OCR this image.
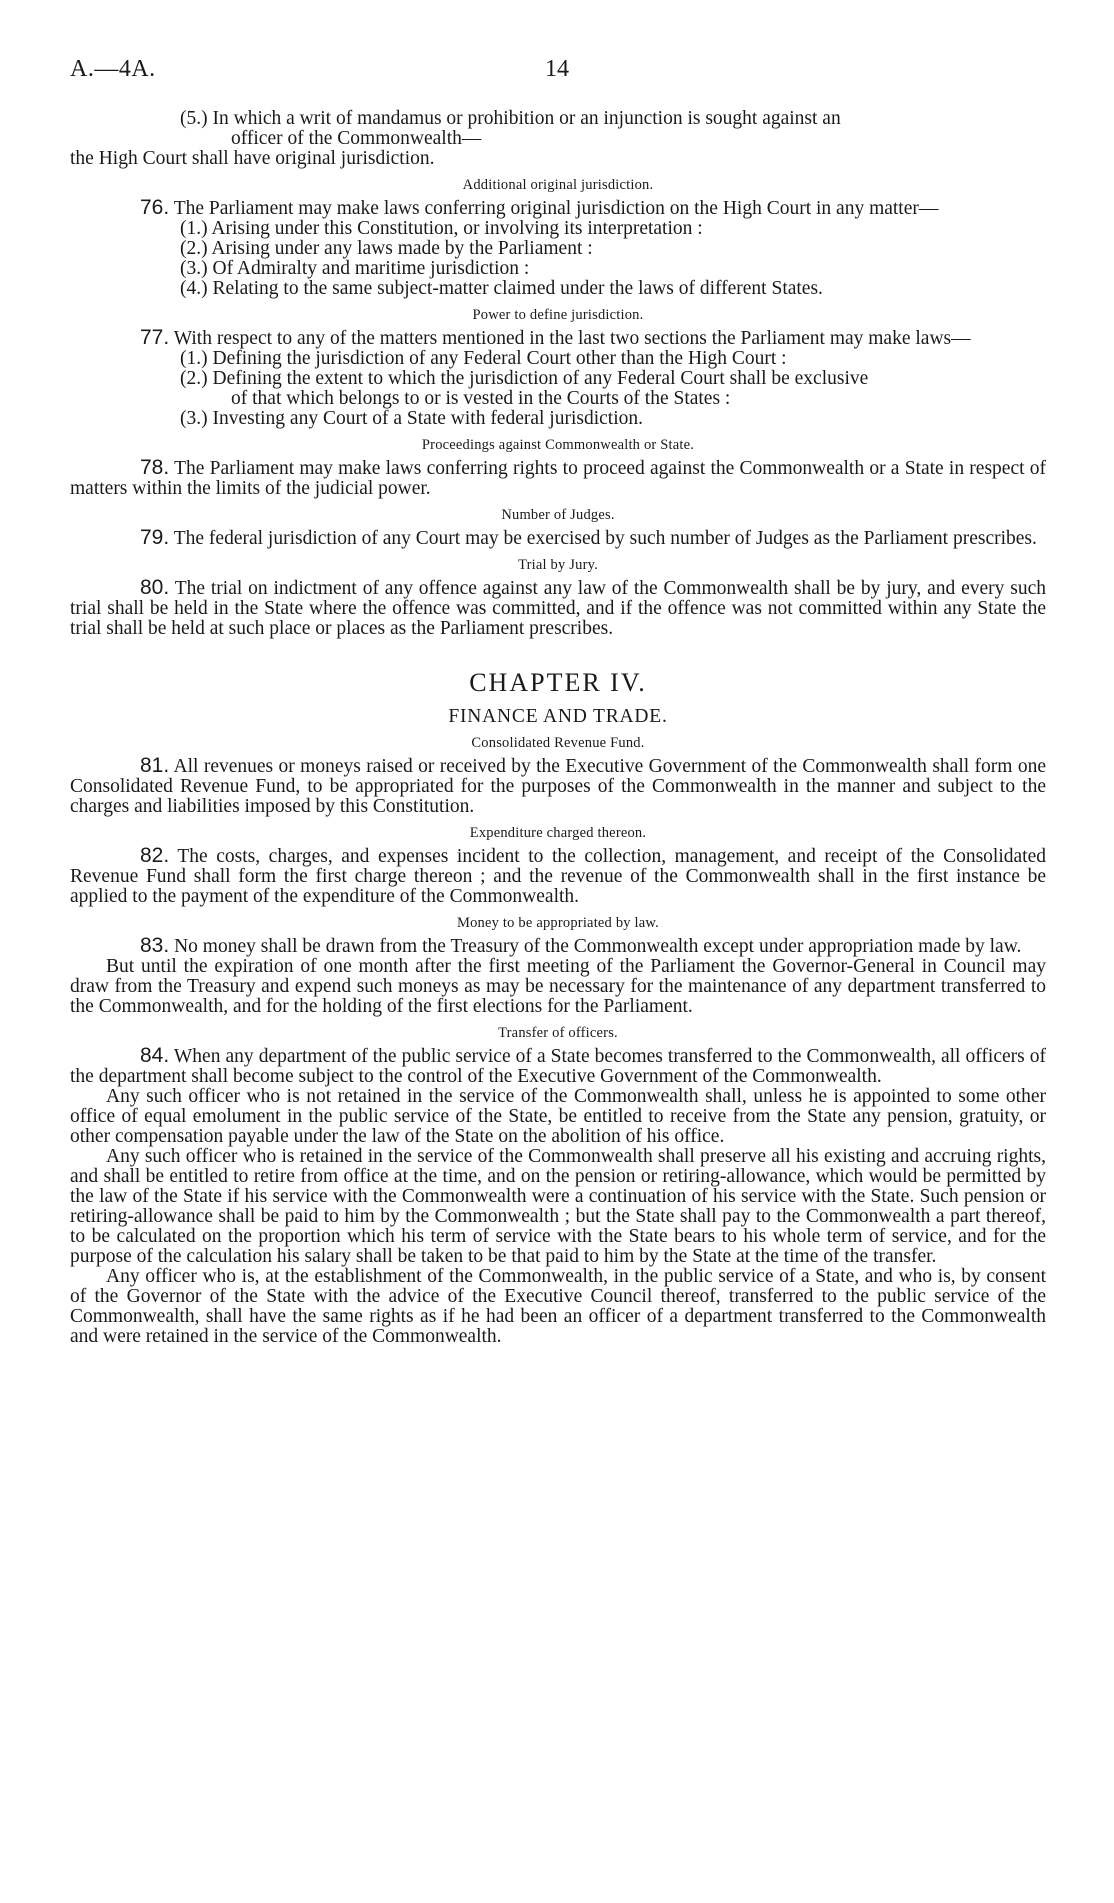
A.—4A.	14

(5.) In which a writ of mandamus or prohibition or an injunction is sought against an

officer of the Commonwealth—

the High Court shall have original jurisdiction.

Additional original jurisdiction.

76. The Parliament may make laws conferring original jurisdiction on the High Court in any matter—

(1.) Arising under this Constitution, or involving its interpretation :

(2.) Arising under any laws made by the Parliament :

(3.) Of Admiralty and maritime jurisdiction :

(4.) Relating to the same subject-matter claimed under the laws of different States.

Power to define jurisdiction.

77. With respect to any of the matters mentioned in the last two sections the Parliament may make laws—

(1.) Defining the jurisdiction of any Federal Court other than the High Court :

(2.) Defining the extent to which the jurisdiction of any Federal Court shall be exclusive

of that which belongs to or is vested in the Courts of the States :

(3.) Investing any Court of a State with federal jurisdiction.

Proceedings against Commonwealth or State.

78. The Parliament may make laws conferring rights to proceed against the Commonwealth or a State in respect of matters within the limits of the judicial power.

Number of Judges.

79. The federal jurisdiction of any Court may be exercised by such number of Judges as the Parliament prescribes.

Trial by Jury.

80. The trial on indictment of any offence against any law of the Commonwealth shall be by jury, and every such trial shall be held in the State where the offence was committed, and if the offence was not committed within any State the trial shall be held at such place or places as the Parliament prescribes.

CHAPTER IV.
FINANCE AND TRADE.
Consolidated Revenue Fund.

81. All revenues or moneys raised or received by the Executive Government of the Commonwealth shall form one Consolidated Revenue Fund, to be appropriated for the purposes of the Commonwealth in the manner and subject to the charges and liabilities imposed by this Constitution.

Expenditure charged thereon.

82. The costs, charges, and expenses incident to the collection, management, and receipt of the Consolidated Revenue Fund shall form the first charge thereon ; and the revenue of the Commonwealth shall in the first instance be applied to the payment of the expenditure of the Commonwealth.

Money to be appropriated by law.

83. No money shall be drawn from the Treasury of the Commonwealth except under appropriation made by law.

But until the expiration of one month after the first meeting of the Parliament the Governor-General in Council may draw from the Treasury and expend such moneys as may be necessary for the maintenance of any department transferred to the Commonwealth, and for the holding of the first elections for the Parliament.

Transfer of officers.

84. When any department of the public service of a State becomes transferred to the Commonwealth, all officers of the department shall become subject to the control of the Executive Government of the Commonwealth.

Any such officer who is not retained in the service of the Commonwealth shall, unless he is appointed to some other office of equal emolument in the public service of the State, be entitled to receive from the State any pension, gratuity, or other compensation payable under the law of the State on the abolition of his office.

Any such officer who is retained in the service of the Commonwealth shall preserve all his existing and accruing rights, and shall be entitled to retire from office at the time, and on the pension or retiring-allowance, which would be permitted by the law of the State if his service with the Commonwealth were a continuation of his service with the State. Such pension or retiring-allowance shall be paid to him by the Commonwealth ; but the State shall pay to the Commonwealth a part thereof, to be calculated on the proportion which his term of service with the State bears to his whole term of service, and for the purpose of the calculation his salary shall be taken to be that paid to him by the State at the time of the transfer.

Any officer who is, at the establishment of the Commonwealth, in the public service of a State, and who is, by consent of the Governor of the State with the advice of the Executive Council thereof, transferred to the public service of the Commonwealth, shall have the same rights as if he had been an officer of a department transferred to the Commonwealth and were retained in the service of the Commonwealth.
